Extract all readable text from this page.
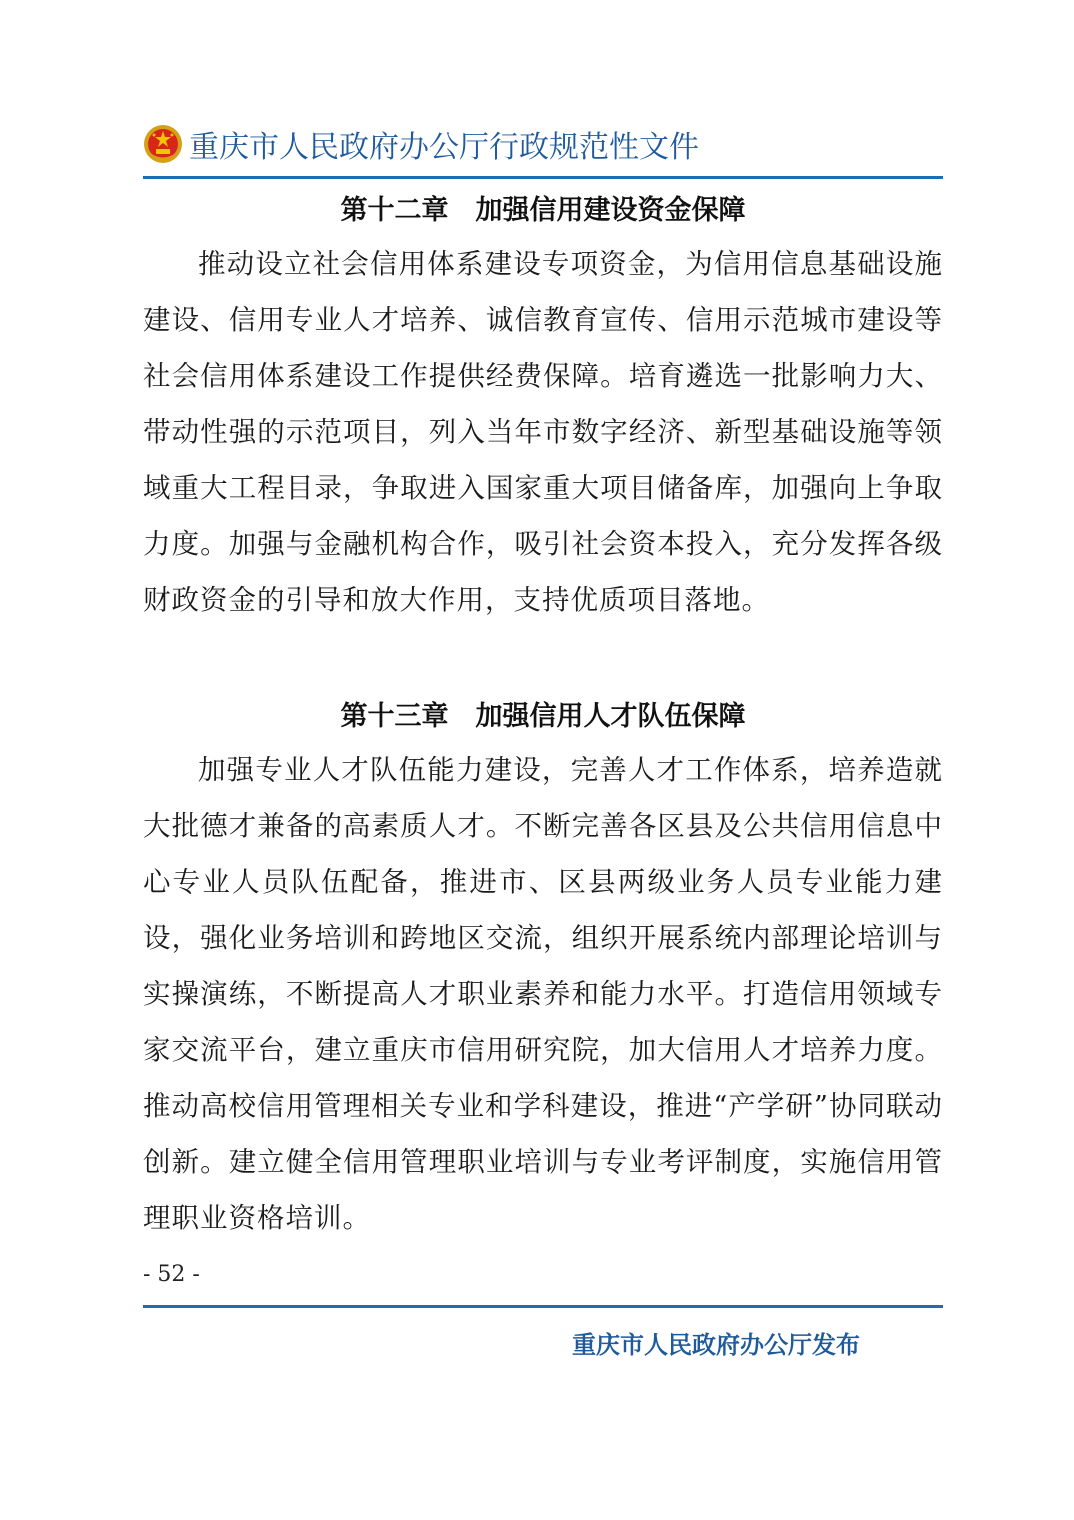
重庆市人民政府办公厅行政规范性文件
第十二章　加强信用建设资金保障

推动设立社会信用体系建设专项资金，为信用信息基础设施建设、信用专业人才培养、诚信教育宣传、信用示范城市建设等社会信用体系建设工作提供经费保障。培育遴选一批影响力大、带动性强的示范项目，列入当年市数字经济、新型基础设施等领域重大工程目录，争取进入国家重大项目储备库，加强向上争取力度。加强与金融机构合作，吸引社会资本投入，充分发挥各级财政资金的引导和放大作用，支持优质项目落地。

第十三章　加强信用人才队伍保障

加强专业人才队伍能力建设，完善人才工作体系，培养造就大批德才兼备的高素质人才。不断完善各区县及公共信用信息中心专业人员队伍配备，推进市、区县两级业务人员专业能力建设，强化业务培训和跨地区交流，组织开展系统内部理论培训与实操演练，不断提高人才职业素养和能力水平。打造信用领域专家交流平台，建立重庆市信用研究院，加大信用人才培养力度。推动高校信用管理相关专业和学科建设，推进“产学研”协同联动创新。建立健全信用管理职业培训与专业考评制度，实施信用管理职业资格培训。

- 52 -
重庆市人民政府办公厅发布
